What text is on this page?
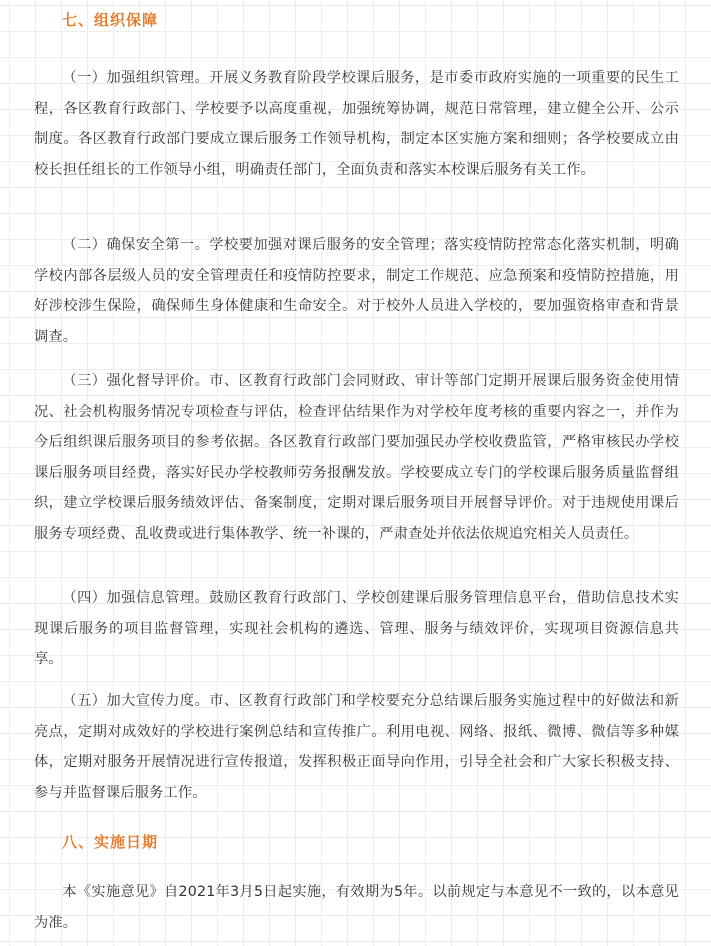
七、组织保障

（一）加强组织管理。开展义务教育阶段学校课后服务，是市委市政府实施的一项重要的民生工程，各区教育行政部门、学校要予以高度重视，加强统筹协调，规范日常管理，建立健全公开、公示制度。各区教育行政部门要成立课后服务工作领导机构，制定本区实施方案和细则；各学校要成立由校长担任组长的工作领导小组，明确责任部门，全面负责和落实本校课后服务有关工作。

（二）确保安全第一。学校要加强对课后服务的安全管理；落实疫情防控常态化落实机制，明确学校内部各层级人员的安全管理责任和疫情防控要求，制定工作规范、应急预案和疫情防控措施，用好涉校涉生保险，确保师生身体健康和生命安全。对于校外人员进入学校的，要加强资格审查和背景调查。

（三）强化督导评价。市、区教育行政部门会同财政、审计等部门定期开展课后服务资金使用情况、社会机构服务情况专项检查与评估，检查评估结果作为对学校年度考核的重要内容之一，并作为今后组织课后服务项目的参考依据。各区教育行政部门要加强民办学校收费监管，严格审核民办学校课后服务项目经费，落实好民办学校教师劳务报酬发放。学校要成立专门的学校课后服务质量监督组织，建立学校课后服务绩效评估、备案制度，定期对课后服务项目开展督导评价。对于违规使用课后服务专项经费、乱收费或进行集体教学、统一补课的，严肃查处并依法依规追究相关人员责任。

（四）加强信息管理。鼓励区教育行政部门、学校创建课后服务管理信息平台，借助信息技术实现课后服务的项目监督管理，实现社会机构的遴选、管理、服务与绩效评价，实现项目资源信息共享。

（五）加大宣传力度。市、区教育行政部门和学校要充分总结课后服务实施过程中的好做法和新亮点，定期对成效好的学校进行案例总结和宣传推广。利用电视、网络、报纸、微博、微信等多种媒体，定期对服务开展情况进行宣传报道，发挥积极正面导向作用，引导全社会和广大家长积极支持、参与并监督课后服务工作。

八、实施日期

本《实施意见》自2021年3月5日起实施，有效期为5年。以前规定与本意见不一致的，以本意见为准。
